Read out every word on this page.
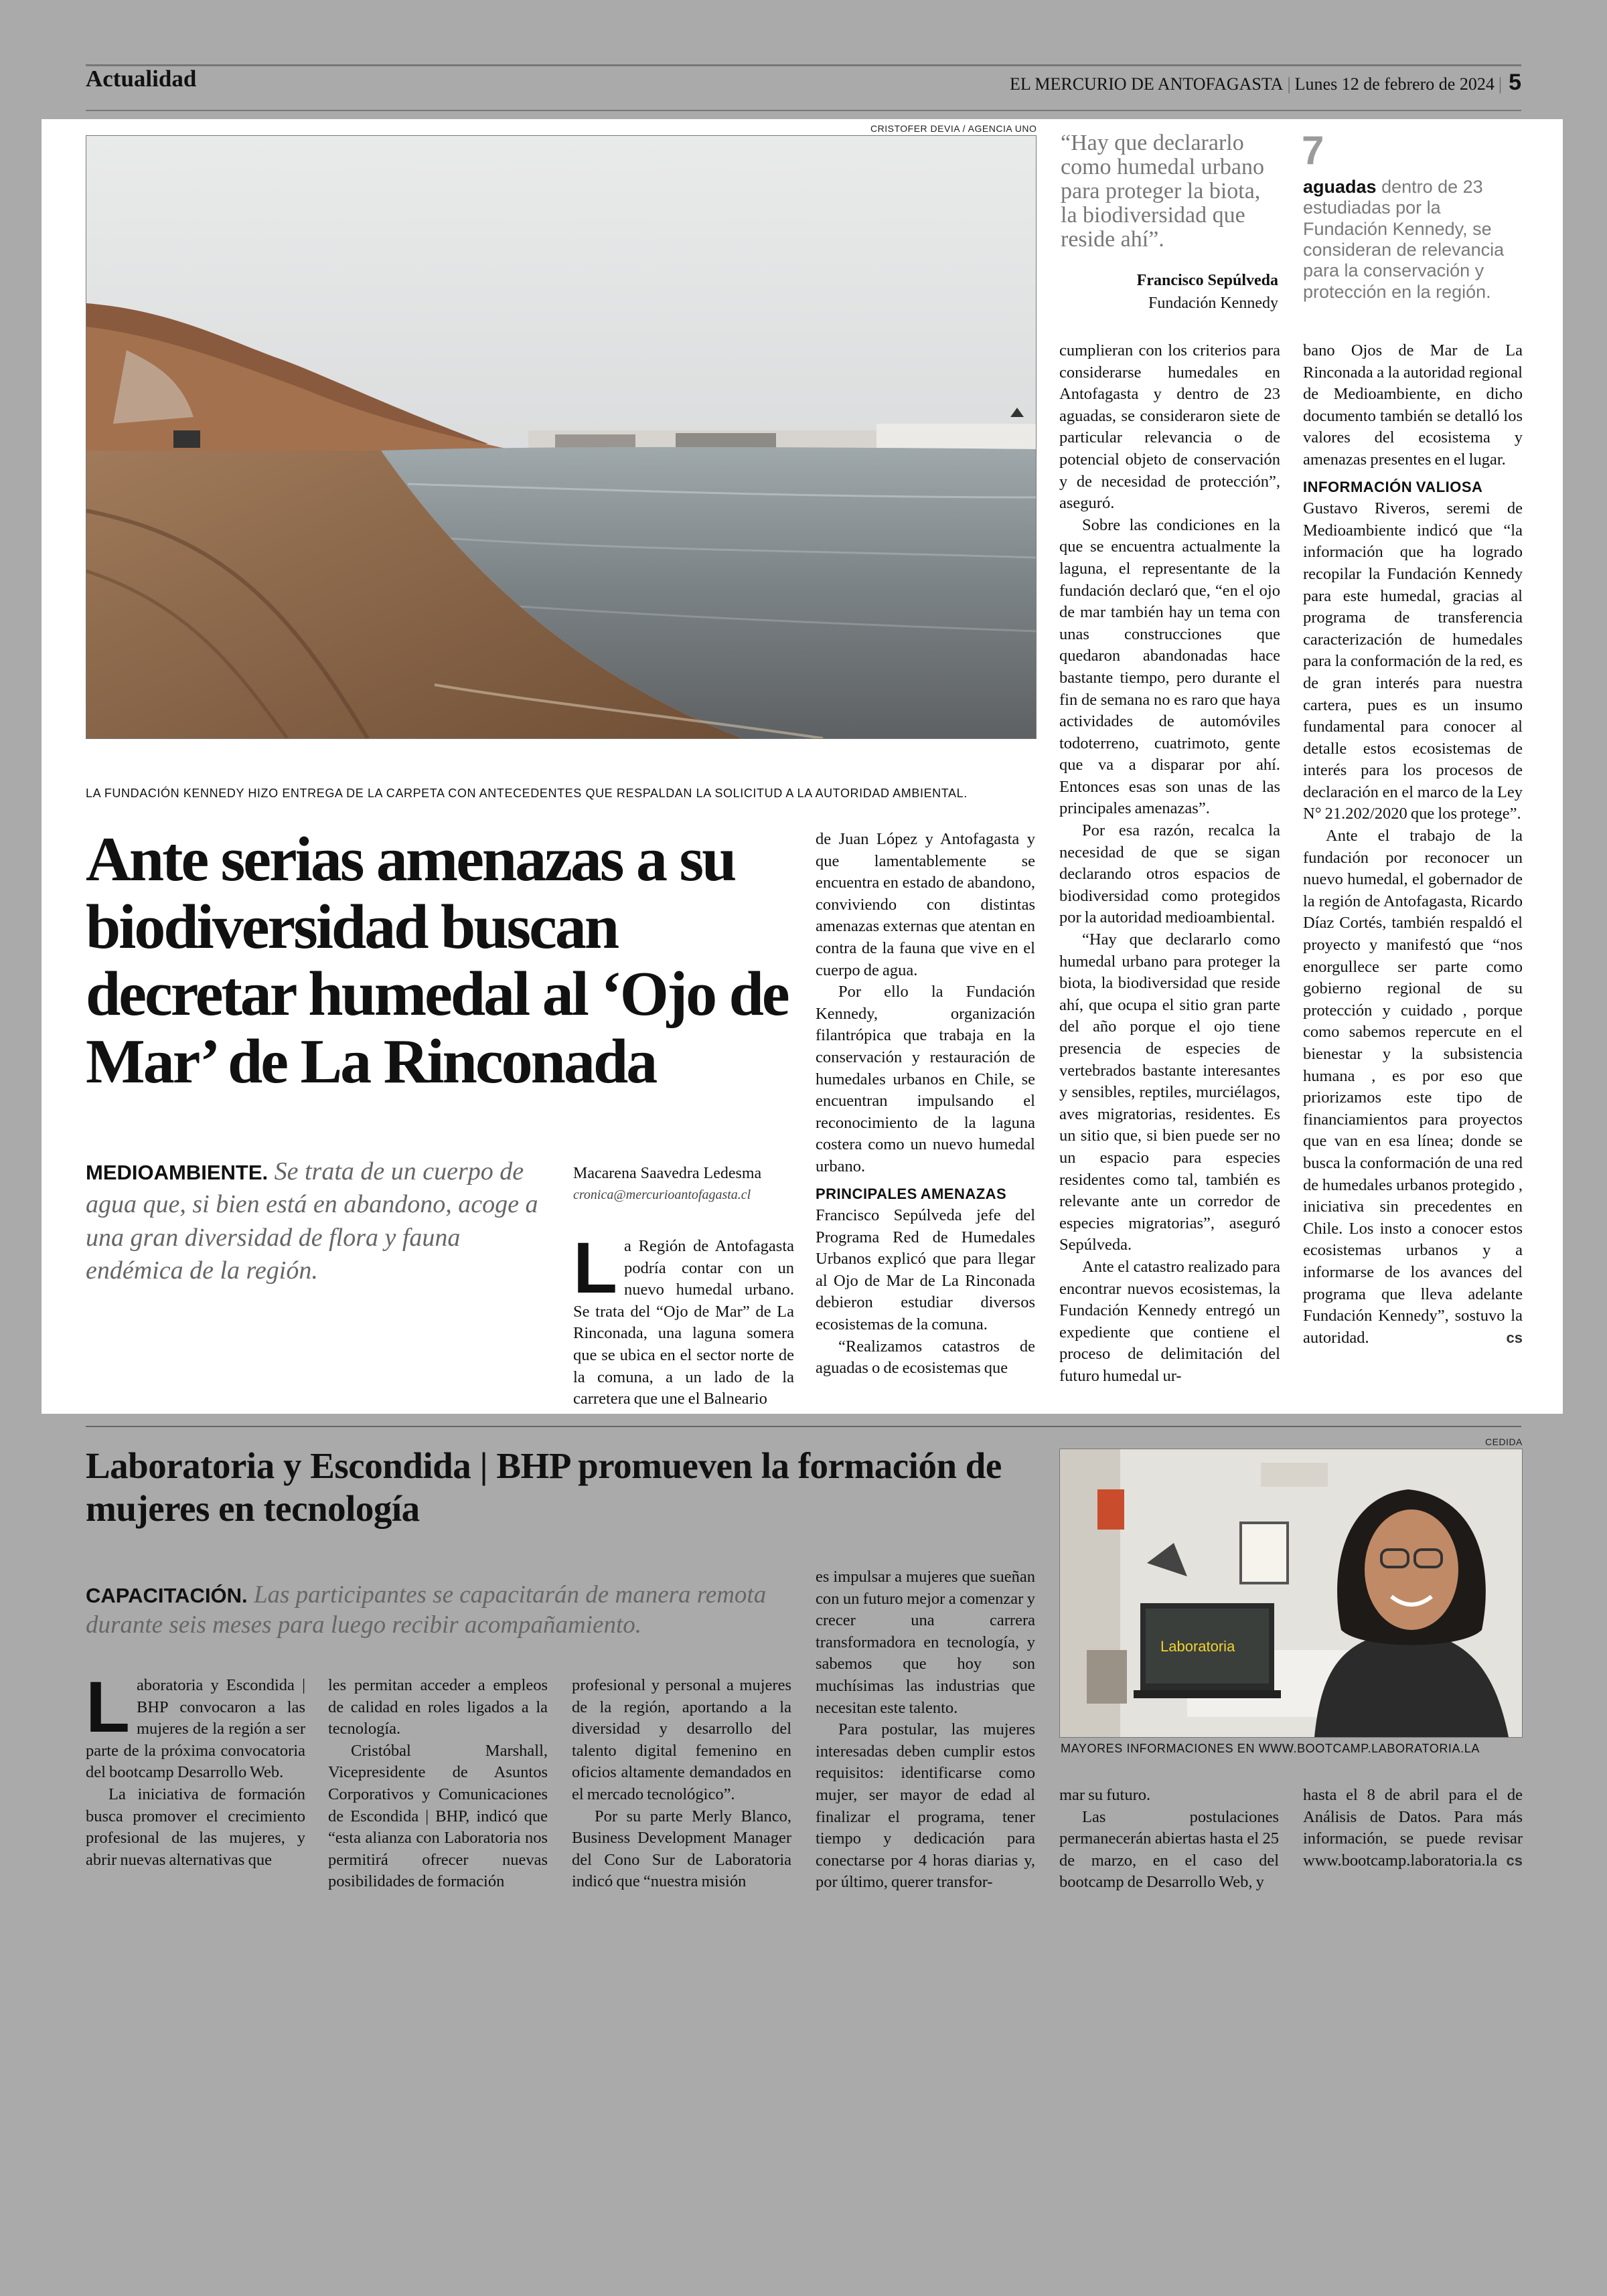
Actualidad	EL MERCURIO DE ANTOFAGASTA | Lunes 12 de febrero de 2024 | 5
CRISTOFER DEVIA / AGENCIA UNO
LA FUNDACIÓN KENNEDY HIZO ENTREGA DE LA CARPETA CON ANTECEDENTES QUE RESPALDAN LA SOLICITUD A LA AUTORIDAD AMBIENTAL.
“Hay que declararlo como humedal urbano para proteger la biota, la biodiversidad que reside ahí”.
Francisco Sepúlveda
Fundación Kennedy
7
aguadas dentro de 23 estudiadas por la Fundación Kennedy, se consideran de relevancia para la conservación y protección en la región.
Ante serias amenazas a su biodiversidad buscan decretar humedal al ‘Ojo de Mar’ de La Rinconada
MEDIOAMBIENTE. Se trata de un cuerpo de agua que, si bien está en abandono, acoge a una gran diversidad de flora y fauna endémica de la región.
Macarena Saavedra Ledesma
cronica@mercurioantofagasta.cl
L a Región de Antofagasta podría contar con un nuevo humedal urbano. Se trata del “Ojo de Mar” de La Rinconada, una laguna somera que se ubica en el sector norte de la comuna, a un lado de la carretera que une el Balneario

de Juan López y Antofagasta y que lamentablemente se encuentra en estado de abandono, conviviendo con distintas amenazas externas que atentan en contra de la fauna que vive en el cuerpo de agua.

Por ello la Fundación Kennedy, organización filantrópica que trabaja en la conservación y restauración de humedales urbanos en Chile, se encuentran impulsando el reconocimiento de la laguna costera como un nuevo humedal urbano.

PRINCIPALES AMENAZAS

Francisco Sepúlveda jefe del Programa Red de Humedales Urbanos explicó que para llegar al Ojo de Mar de La Rinconada debieron estudiar diversos ecosistemas de la comuna.

“Realizamos catastros de aguadas o de ecosistemas que

cumplieran con los criterios para considerarse humedales en Antofagasta y dentro de 23 aguadas, se consideraron siete de particular relevancia o de potencial objeto de conservación y de necesidad de protección”, aseguró.

Sobre las condiciones en la que se encuentra actualmente la laguna, el representante de la fundación declaró que, “en el ojo de mar también hay un tema con unas construcciones que quedaron abandonadas hace bastante tiempo, pero durante el fin de semana no es raro que haya actividades de automóviles todoterreno, cuatrimoto, gente que va a disparar por ahí. Entonces esas son unas de las principales amenazas”.

Por esa razón, recalca la necesidad de que se sigan declarando otros espacios de biodiversidad como protegidos por la autoridad medioambiental.

“Hay que declararlo como humedal urbano para proteger la biota, la biodiversidad que reside ahí, que ocupa el sitio gran parte del año porque el ojo tiene presencia de especies de vertebrados bastante interesantes y sensibles, reptiles, murciélagos, aves migratorias, residentes. Es un sitio que, si bien puede ser no un espacio para especies residentes como tal, también es relevante ante un corredor de especies migratorias”, aseguró Sepúlveda.

Ante el catastro realizado para encontrar nuevos ecosistemas, la Fundación Kennedy entregó un expediente que contiene el proceso de delimitación del futuro humedal ur-

bano Ojos de Mar de La Rinconada a la autoridad regional de Medioambiente, en dicho documento también se detalló los valores del ecosistema y amenazas presentes en el lugar.

INFORMACIÓN VALIOSA

Gustavo Riveros, seremi de Medioambiente indicó que “la información que ha logrado recopilar la Fundación Kennedy para este humedal, gracias al programa de transferencia caracterización de humedales para la conformación de la red, es de gran interés para nuestra cartera, pues es un insumo fundamental para conocer al detalle estos ecosistemas de interés para los procesos de declaración en el marco de la Ley N° 21.202/2020 que los protege”.

Ante el trabajo de la fundación por reconocer un nuevo humedal, el gobernador de la región de Antofagasta, Ricardo Díaz Cortés, también respaldó el proyecto y manifestó que “nos enorgullece ser parte como gobierno regional de su protección y cuidado , porque como sabemos repercute en el bienestar y la subsistencia humana , es por eso que priorizamos este tipo de financiamientos para proyectos que van en esa línea; donde se busca la conformación de una red de humedales urbanos protegido , iniciativa sin precedentes en Chile. Los insto a conocer estos ecosistemas urbanos y a informarse de los avances del programa que lleva adelante Fundación Kennedy”, sostuvo la autoridad.	cs

Laboratoria y Escondida | BHP promueven la formación de mujeres en tecnología
CAPACITACIÓN. Las participantes se capacitarán de manera remota durante seis meses para luego recibir acompañamiento.
CEDIDA
Laboratoria
MAYORES INFORMACIONES EN WWW.BOOTCAMP.LABORATORIA.LA
L aboratoria y Escondida | BHP convocaron a las mujeres de la región a ser parte de la próxima convocatoria del bootcamp Desarrollo Web.

La iniciativa de formación busca promover el crecimiento profesional de las mujeres, y abrir nuevas alternativas que

les permitan acceder a empleos de calidad en roles ligados a la tecnología.

Cristóbal Marshall, Vicepresidente de Asuntos Corporativos y Comunicaciones de Escondida | BHP, indicó que “esta alianza con Laboratoria nos permitirá ofrecer nuevas posibilidades de formación

profesional y personal a mujeres de la región, aportando a la diversidad y desarrollo del talento digital femenino en oficios altamente demandados en el mercado tecnológico”.

Por su parte Merly Blanco, Business Development Manager del Cono Sur de Laboratoria indicó que “nuestra misión

es impulsar a mujeres que sueñan con un futuro mejor a comenzar y crecer una carrera transformadora en tecnología, y sabemos que hoy son muchísimas las industrias que necesitan este talento.

Para postular, las mujeres interesadas deben cumplir estos requisitos: identificarse como mujer, ser mayor de edad al finalizar el programa, tener tiempo y dedicación para conectarse por 4 horas diarias y, por último, querer transfor-

mar su futuro.

Las postulaciones permanecerán abiertas hasta el 25 de marzo, en el caso del bootcamp de Desarrollo Web, y

hasta el 8 de abril para el de Análisis de Datos. Para más información, se puede revisar www.bootcamp.laboratoria.la cs
